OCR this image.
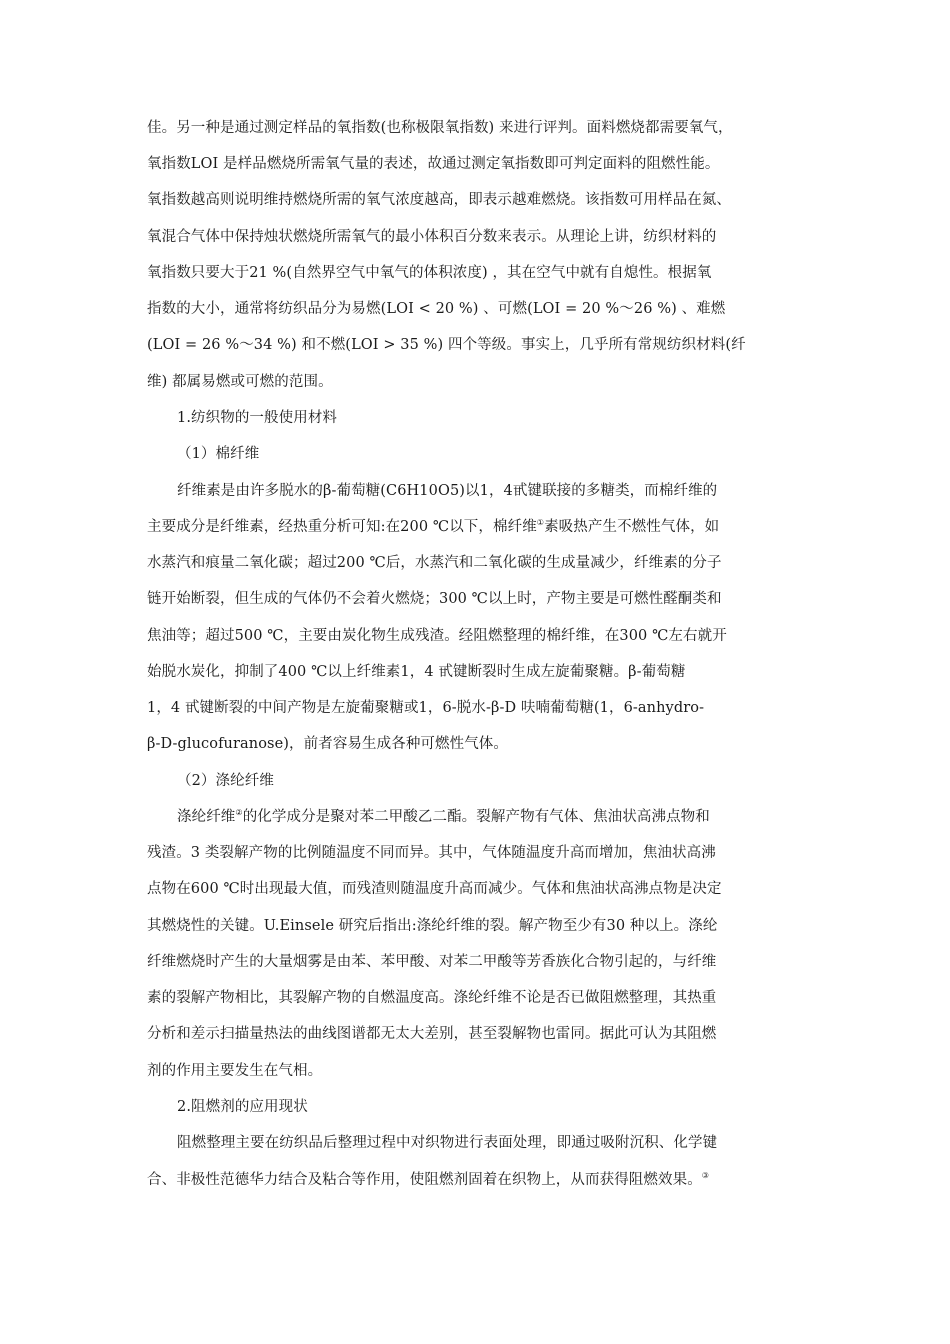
佳。另一种是通过测定样品的氧指数(也称极限氧指数) 来进行评判。面料燃烧都需要氧气，
氧指数LOI 是样品燃烧所需氧气量的表述，故通过测定氧指数即可判定面料的阻燃性能。
氧指数越高则说明维持燃烧所需的氧气浓度越高，即表示越难燃烧。该指数可用样品在氮、
氧混合气体中保持烛状燃烧所需氧气的最小体积百分数来表示。从理论上讲，纺织材料的
氧指数只要大于21 %(自然界空气中氧气的体积浓度) ，其在空气中就有自熄性。根据氧
指数的大小，通常将纺织品分为易燃(LOI < 20 %) 、可燃(LOI = 20 %～26 %) 、难燃
(LOI = 26 %～34 %) 和不燃(LOI > 35 %) 四个等级。事实上，几乎所有常规纺织材料(纤
维) 都属易燃或可燃的范围。
1.纺织物的一般使用材料
（1）棉纤维
纤维素是由许多脱水的β-葡萄糖(C6H10O5)以1，4甙键联接的多糖类，而棉纤维的
主要成分是纤维素，经热重分析可知:在200 ℃以下，棉纤维①素吸热产生不燃性气体，如
水蒸汽和痕量二氧化碳；超过200 ℃后，水蒸汽和二氧化碳的生成量减少，纤维素的分子
链开始断裂，但生成的气体仍不会着火燃烧；300 ℃以上时，产物主要是可燃性醛酮类和
焦油等；超过500 ℃，主要由炭化物生成残渣。经阻燃整理的棉纤维，在300 ℃左右就开
始脱水炭化，抑制了400 ℃以上纤维素1，4 甙键断裂时生成左旋葡聚糖。β-葡萄糖
1，4 甙键断裂的中间产物是左旋葡聚糖或1，6-脱水-β-D 呋喃葡萄糖(1，6-anhydro-
β-D-glucofuranose)，前者容易生成各种可燃性气体。
（2）涤纶纤维
涤纶纤维②的化学成分是聚对苯二甲酸乙二酯。裂解产物有气体、焦油状高沸点物和
残渣。3 类裂解产物的比例随温度不同而异。其中，气体随温度升高而增加，焦油状高沸
点物在600 ℃时出现最大值，而残渣则随温度升高而减少。气体和焦油状高沸点物是决定
其燃烧性的关键。U.Einsele 研究后指出:涤纶纤维的裂。解产物至少有30 种以上。涤纶
纤维燃烧时产生的大量烟雾是由苯、苯甲酸、对苯二甲酸等芳香族化合物引起的，与纤维
素的裂解产物相比，其裂解产物的自燃温度高。涤纶纤维不论是否已做阻燃整理，其热重
分析和差示扫描量热法的曲线图谱都无太大差别，甚至裂解物也雷同。据此可认为其阻燃
剂的作用主要发生在气相。
2.阻燃剂的应用现状
阻燃整理主要在纺织品后整理过程中对织物进行表面处理，即通过吸附沉积、化学键
合、非极性范德华力结合及粘合等作用，使阻燃剂固着在织物上，从而获得阻燃效果。③
